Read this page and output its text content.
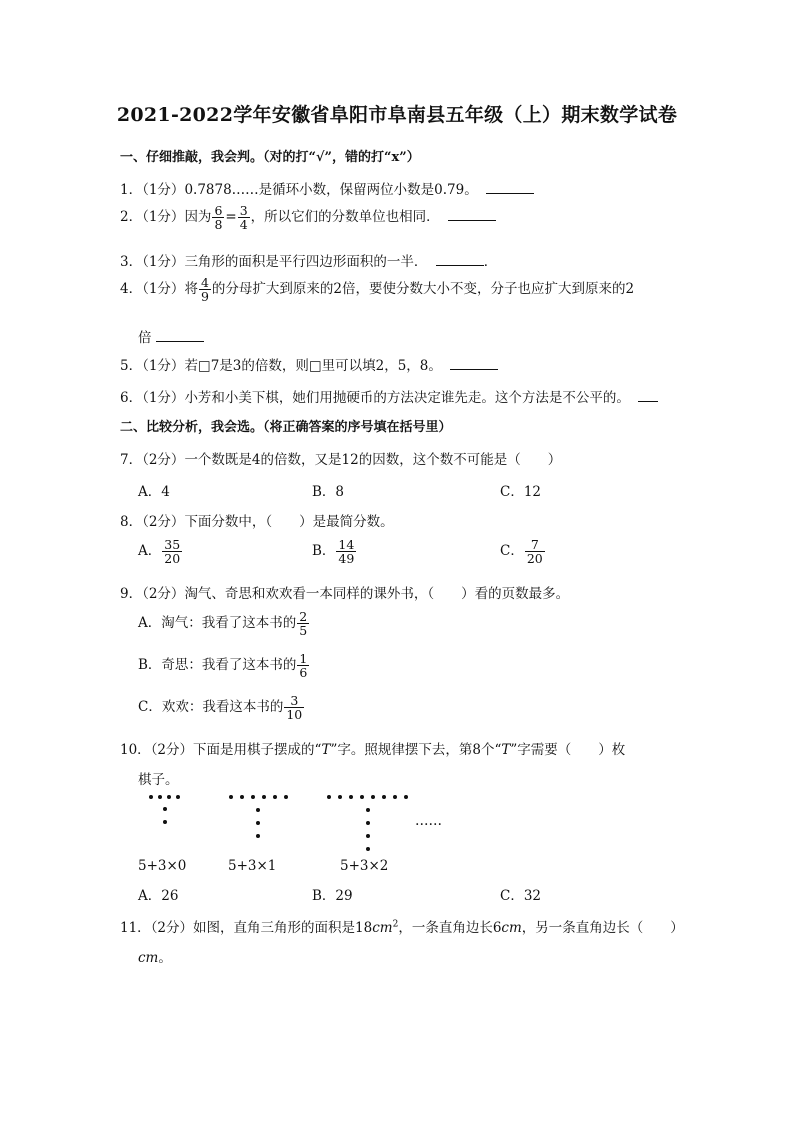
2021-2022学年安徽省阜阳市阜南县五年级（上）期末数学试卷
一、仔细推敲，我会判。（对的打“√”，错的打“x”）
1．（1分）0.7878……是循环小数，保留两位小数是0.79。
2．（1分）因为 $\frac{6}{8} = \frac{3}{4}$ ，所以它们的分数单位也相同．
3．（1分）三角形的面积是平行四边形面积的一半．	．
4．（1分）将 $\frac{4}{9}$ 的分母扩大到原来的2倍，要使分数大小不变，分子也应扩大到原来的2
倍
5．（1分）若□7是3的倍数，则□里可以填2，5，8。
6．（1分）小芳和小美下棋，她们用抛硬币的方法决定谁先走。这个方法是不公平的。
二、比较分析，我会选。（将正确答案的序号填在括号里）
7．（2分）一个数既是4的倍数，又是12的因数，这个数不可能是（　　）
A．4	B．8	C．12
8．（2分）下面分数中，（　　）是最简分数。
A． $\frac{35}{20}$	B． $\frac{14}{49}$	C． $\frac{7}{20}$
9．（2分）淘气、奇思和欢欢看一本同样的课外书，（　　）看的页数最多。
A．淘气：我看了这本书的 $\frac{2}{5}$
B．奇思：我看了这本书的 $\frac{1}{6}$
C．欢欢：我看这本书的 $\frac{3}{10}$
10．（2分）下面是用棋子摆成的“T”字。照规律摆下去，第8个“T”字需要（　　）枚
棋子。
……
5+3×0	5+3×1	5+3×2
A．26	B．29	C．32
11．（2分）如图，直角三角形的面积是$18cm^2$，一条直角边长6cm，另一条直角边长（　　）
cm。
